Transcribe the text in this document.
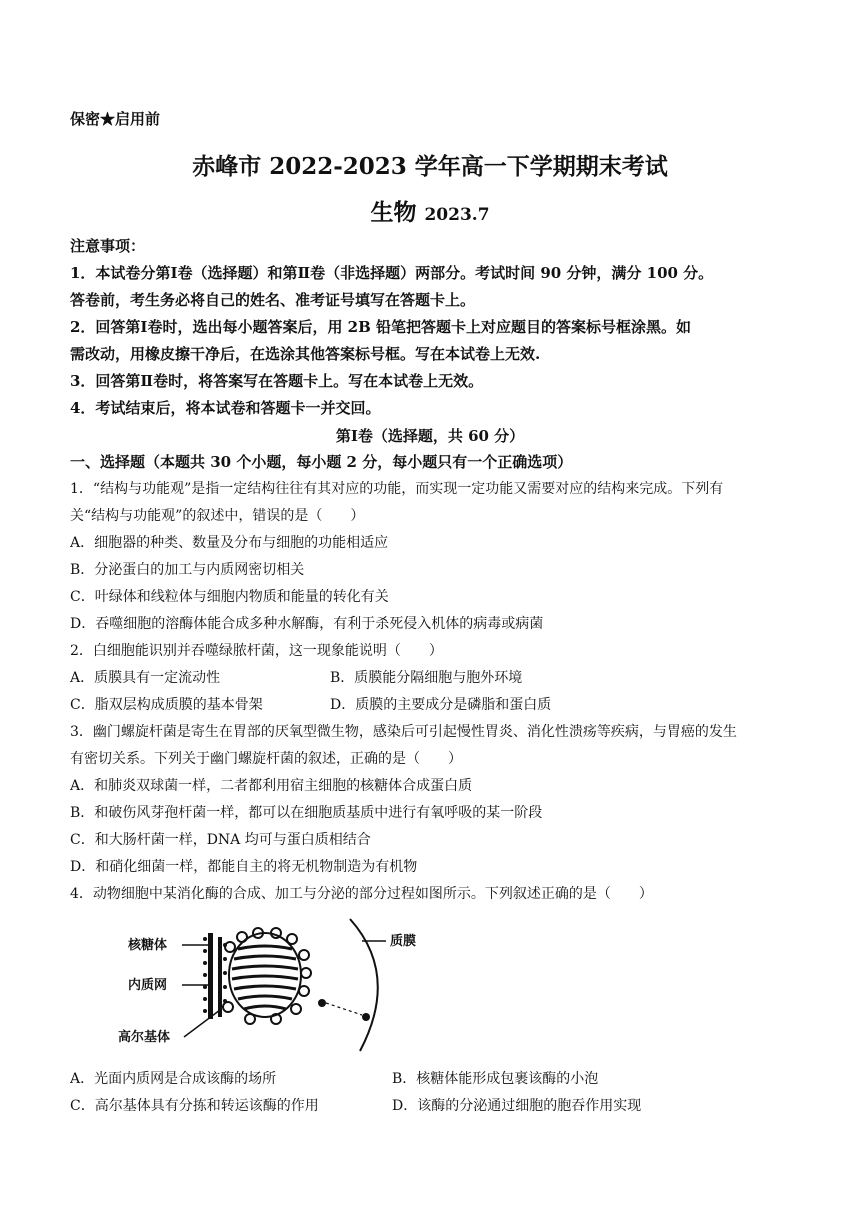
保密★启用前
赤峰市 2022-2023 学年高一下学期期末考试
生物 2023.7
注意事项：
1．本试卷分第Ⅰ卷（选择题）和第Ⅱ卷（非选择题）两部分。考试时间 90 分钟，满分 100 分。
答卷前，考生务必将自己的姓名、准考证号填写在答题卡上。
2．回答第Ⅰ卷时，选出每小题答案后，用 2B 铅笔把答题卡上对应题目的答案标号框涂黑。如
需改动，用橡皮擦干净后，在选涂其他答案标号框。写在本试卷上无效.
3．回答第Ⅱ卷时，将答案写在答题卡上。写在本试卷上无效。
4．考试结束后，将本试卷和答题卡一并交回。
第Ⅰ卷（选择题，共 60 分）
一、选择题（本题共 30 个小题，每小题 2 分，每小题只有一个正确选项）
1．“结构与功能观”是指一定结构往往有其对应的功能，而实现一定功能又需要对应的结构来完成。下列有
关“结构与功能观”的叙述中，错误的是（　　）
A．细胞器的种类、数量及分布与细胞的功能相适应
B．分泌蛋白的加工与内质网密切相关
C．叶绿体和线粒体与细胞内物质和能量的转化有关
D．吞噬细胞的溶酶体能合成多种水解酶，有利于杀死侵入机体的病毒或病菌
2．白细胞能识别并吞噬绿脓杆菌，这一现象能说明（　　）
A．质膜具有一定流动性	B．质膜能分隔细胞与胞外环境
C．脂双层构成质膜的基本骨架	D．质膜的主要成分是磷脂和蛋白质
3．幽门螺旋杆菌是寄生在胃部的厌氧型微生物，感染后可引起慢性胃炎、消化性溃疡等疾病，与胃癌的发生
有密切关系。下列关于幽门螺旋杆菌的叙述，正确的是（　　）
A．和肺炎双球菌一样，二者都利用宿主细胞的核糖体合成蛋白质
B．和破伤风芽孢杆菌一样，都可以在细胞质基质中进行有氧呼吸的某一阶段
C．和大肠杆菌一样，DNA 均可与蛋白质相结合
D．和硝化细菌一样，都能自主的将无机物制造为有机物
4．动物细胞中某消化酶的合成、加工与分泌的部分过程如图所示。下列叙述正确的是（　　）
核糖体
内质网
高尔基体
质膜
A．光面内质网是合成该酶的场所	B．核糖体能形成包裹该酶的小泡
C．高尔基体具有分拣和转运该酶的作用	D．该酶的分泌通过细胞的胞吞作用实现
